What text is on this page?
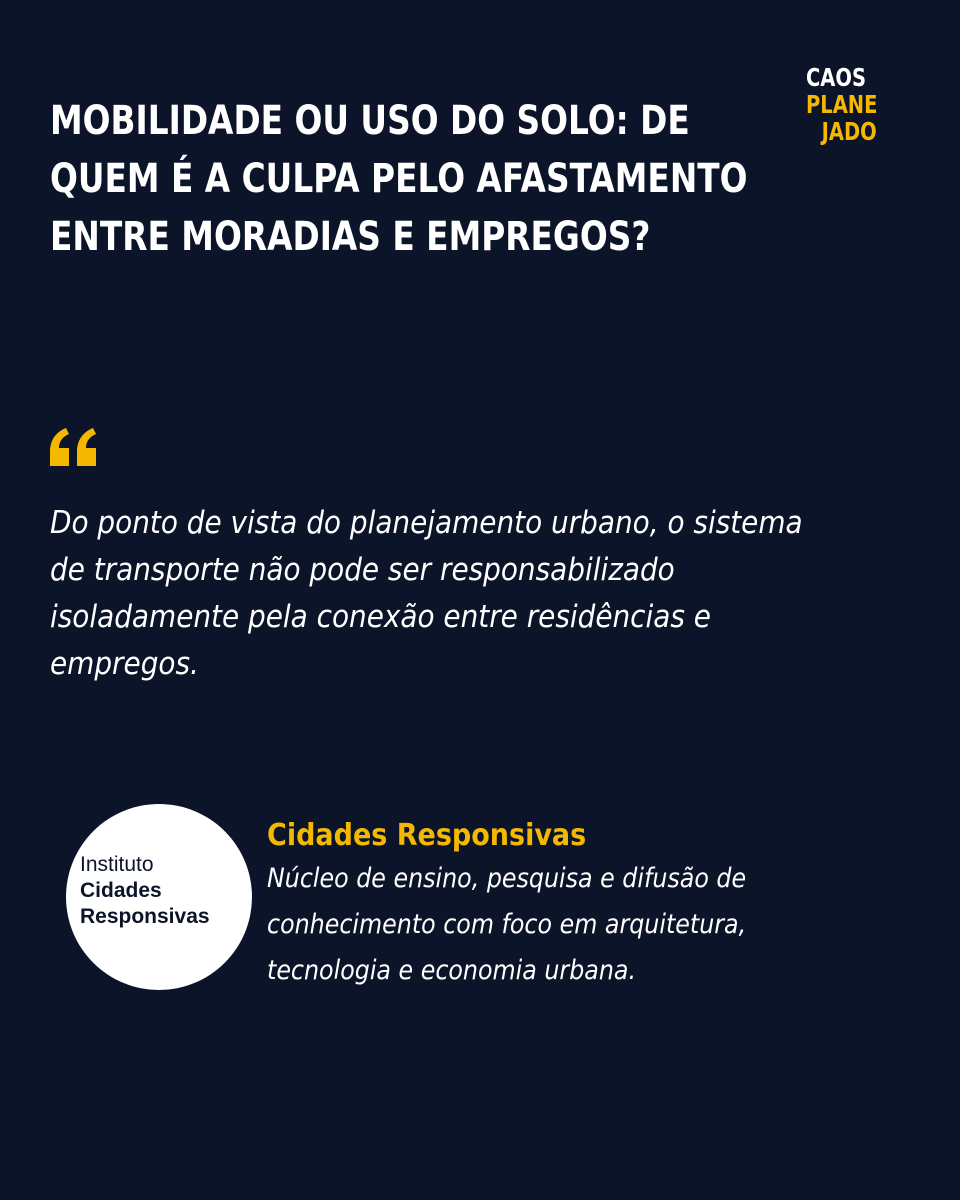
MOBILIDADE OU USO DO SOLO: DE QUEM É A CULPA PELO AFASTAMENTO ENTRE MORADIAS E EMPREGOS?
CAOS
PLANE
JADO

Do ponto de vista do planejamento urbano, o sistema de transporte não pode ser responsabilizado isoladamente pela conexão entre residências e empregos.

Instituto
Cidades
Responsivas
Cidades Responsivas

Núcleo de ensino, pesquisa e difusão de conhecimento com foco em arquitetura, tecnologia e economia urbana.
